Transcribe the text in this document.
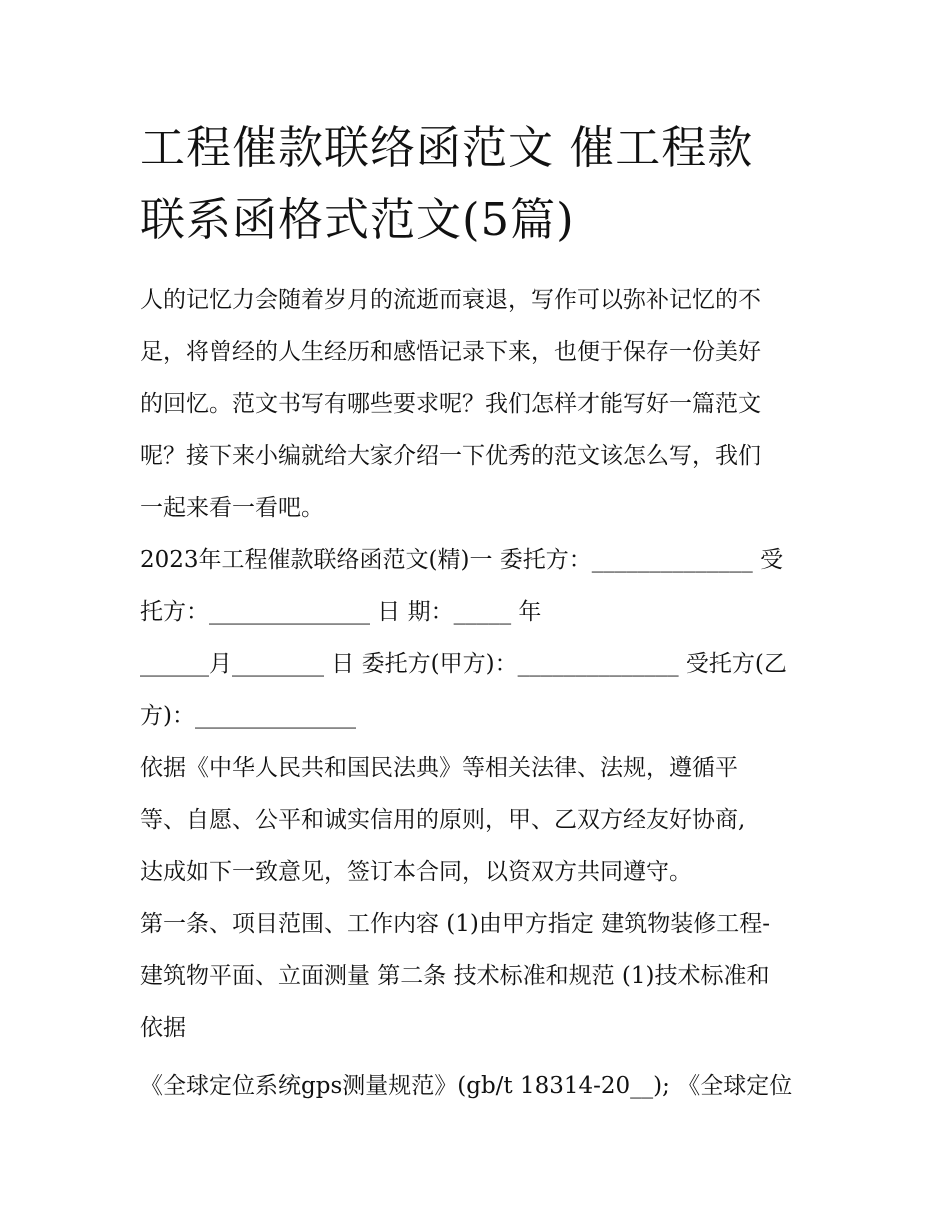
工程催款联络函范文 催工程款
联系函格式范文(5篇)

人的记忆力会随着岁月的流逝而衰退，写作可以弥补记忆的不
足，将曾经的人生经历和感悟记录下来，也便于保存一份美好
的回忆。范文书写有哪些要求呢？我们怎样才能写好一篇范文
呢？接下来小编就给大家介绍一下优秀的范文该怎么写，我们
一起来看一看吧。

2023年工程催款联络函范文(精)一 委托方：______________ 受
托方：______________ 日 期：_____ 年
______月________ 日 委托方(甲方)：______________ 受托方(乙
方)：______________

依据《中华人民共和国民法典》等相关法律、法规，遵循平
等、自愿、公平和诚实信用的原则，甲、乙双方经友好协商,
达成如下一致意见，签订本合同，以资双方共同遵守。

第一条、项目范围、工作内容 (1)由甲方指定 建筑物装修工程-
建筑物平面、立面测量 第二条 技术标准和规范 (1)技术标准和
依据

《全球定位系统gps测量规范》(gb/t 18314-20__); 《全球定位
